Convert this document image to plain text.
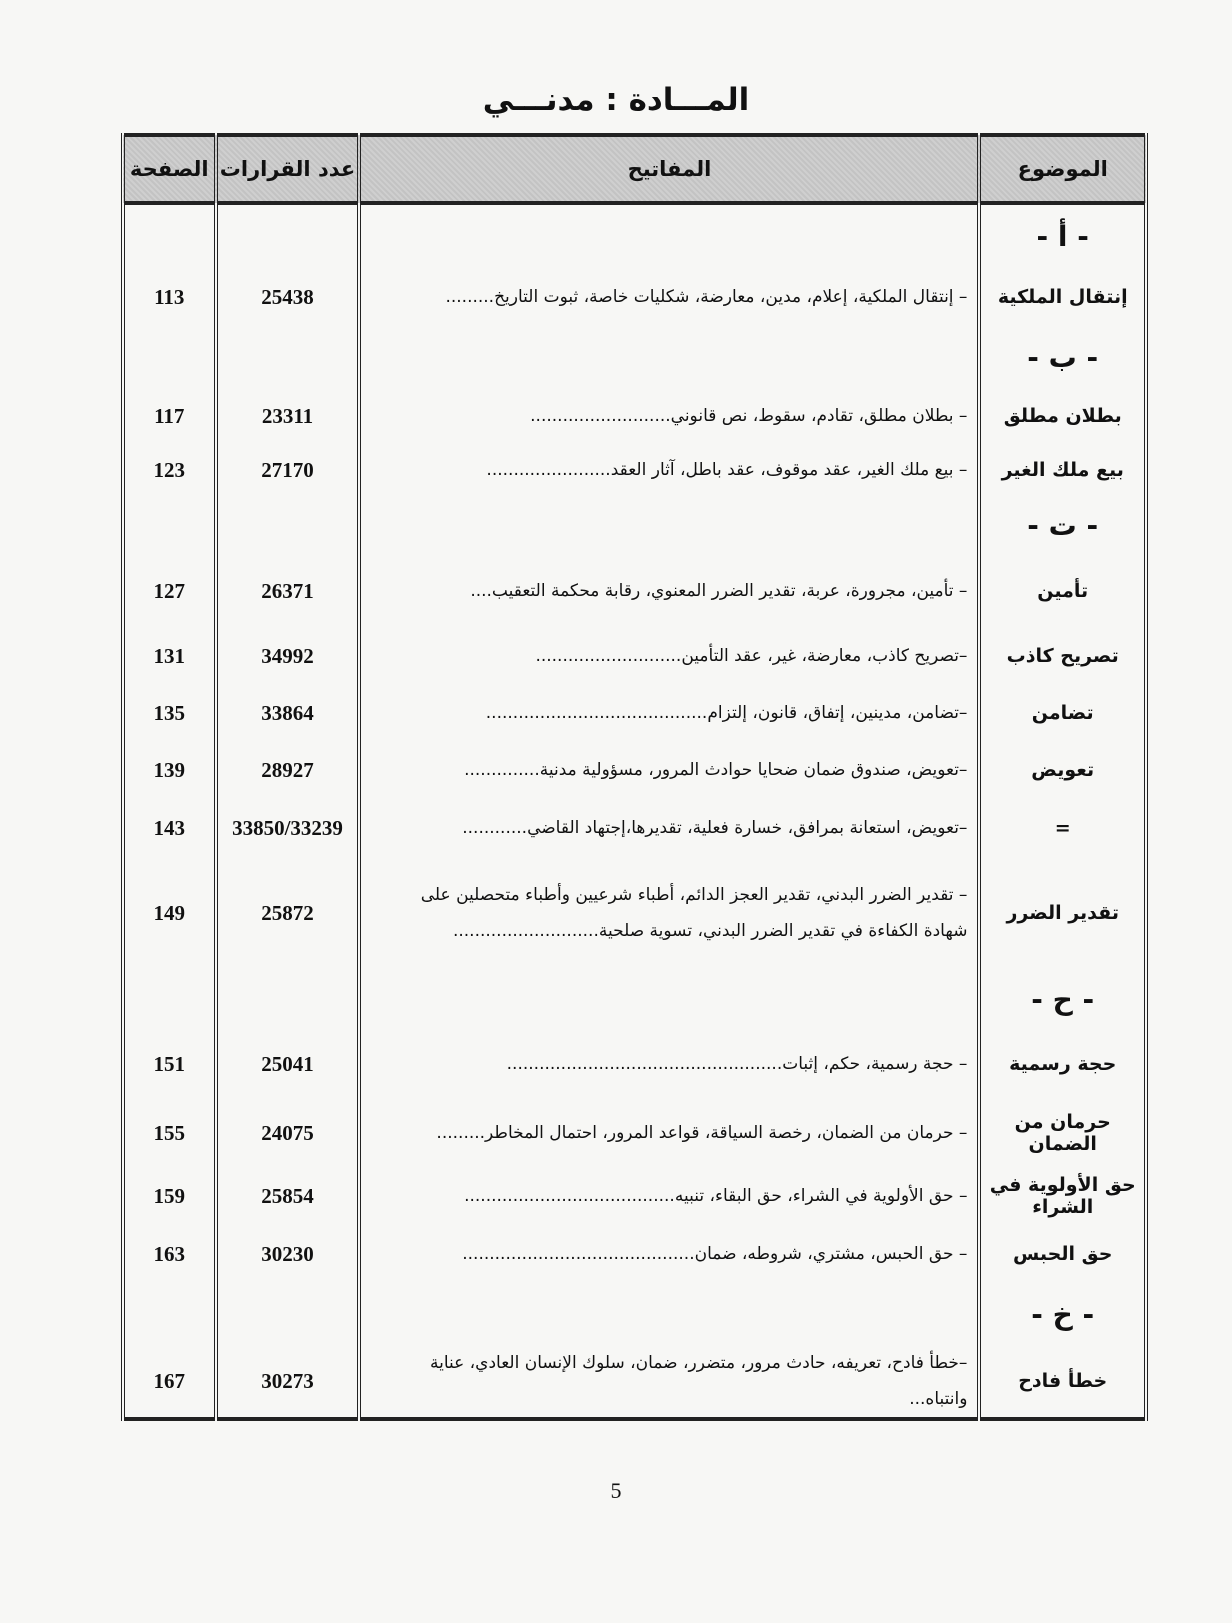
المـــادة : مدنـــي
الصفحة	عدد القرارات	المفاتيح	الموضوع
			- أ -
113	25438	– إنتقال الملكية، إعلام، مدين، معارضة، شكليات خاصة، ثبوت التاريخ.........	إنتقال الملكية
			- ب -
117	23311	– بطلان مطلق، تقادم، سقوط، نص قانوني..........................	بطلان مطلق
123	27170	– بيع ملك الغير، عقد موقوف، عقد باطل، آثار العقد.......................	بيع ملك الغير
			- ت -
127	26371	– تأمين، مجرورة، عربة، تقدير الضرر المعنوي، رقابة محكمة التعقيب....	تأمين
131	34992	–تصريح كاذب، معارضة، غير، عقد التأمين...........................	تصريح كاذب
135	33864	–تضامن، مدينين، إتفاق، قانون، إلتزام.........................................	تضامن
139	28927	–تعويض، صندوق ضمان ضحايا حوادث المرور، مسؤولية مدنية..............	تعويض
143	33850/33239	–تعويض، استعانة بمرافق، خسارة فعلية، تقديرها،إجتهاد القاضي............	=
149	25872	– تقدير الضرر البدني، تقدير العجز الدائم، أطباء شرعيين وأطباء متحصلين على شهادة الكفاءة في تقدير الضرر البدني، تسوية صلحية...........................	تقدير الضرر
			- ح -
151	25041	– حجة رسمية، حكم، إثبات...................................................	حجة رسمية
155	24075	– حرمان من الضمان، رخصة السياقة، قواعد المرور، احتمال المخاطر.........	حرمان من الضمان
159	25854	– حق الأولوية في الشراء، حق البقاء، تنبيه.......................................	حق الأولوية في الشراء
163	30230	– حق الحبس، مشتري، شروطه، ضمان...........................................	حق الحبس
			- خ -
167	30273	–خطأ فادح، تعريفه، حادث مرور، متضرر، ضمان، سلوك الإنسان العادي، عناية وانتباه...	خطأ فادح
5
